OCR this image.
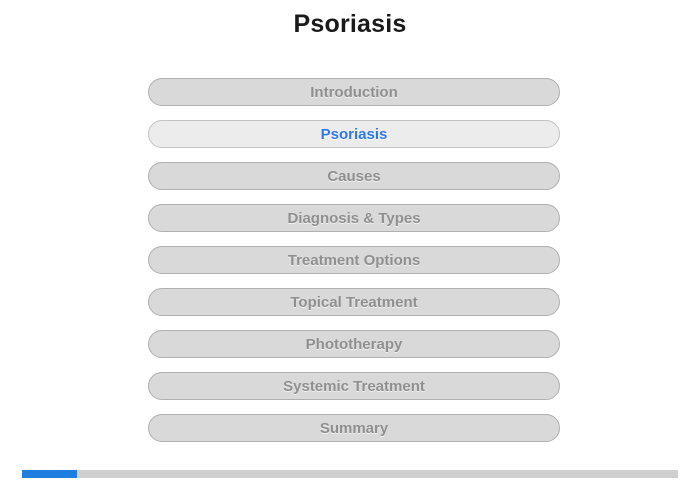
Psoriasis
Introduction
Psoriasis
Causes
Diagnosis & Types
Treatment Options
Topical Treatment
Phototherapy
Systemic Treatment
Summary
